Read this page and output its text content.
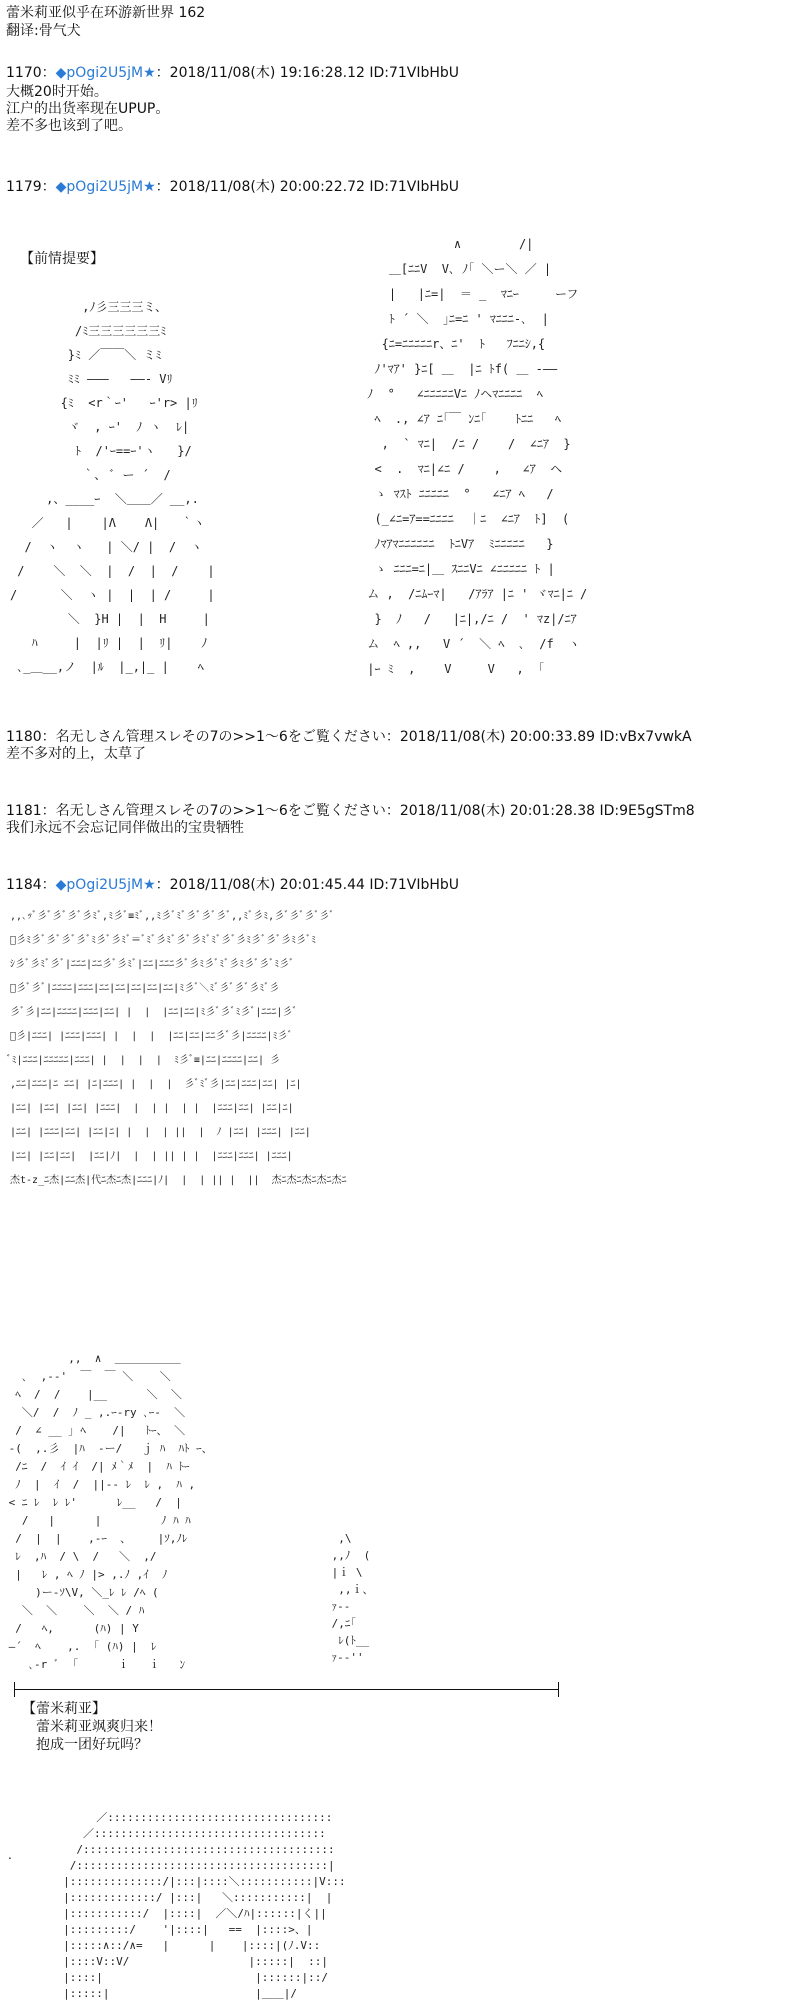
蕾米莉亚似乎在环游新世界 162
翻译:骨气犬
1170：◆pOgi2U5jM★：2018/11/08(木) 19:16:28.12 ID:71VIbHbU
大概20时开始。
江户的出货率现在UPUP。
差不多也该到了吧。
1179：◆pOgi2U5jM★：2018/11/08(木) 20:00:22.72 ID:71VIbHbU
【前情提要】
,ﾉ彡三三三ミ、
/ﾐ三三三三三三ﾐ
}ﾐ ／￣￣＼ ミﾐ
ﾐﾐ ―――   ――- Vﾘ
{ﾐ  <r｀ｰ'   ｰ'r> |ﾘ
ヾ  , ｰ'  ﾉ ヽ  ﾚ|
ﾄ  /'ｰ==ｰ'ヽ   }/
｀、 ﾞ ー ´  /
,、____ｰ  ＼＿＿／ __,.
／   |    |Λ    Λ|   ｀ヽ
/  ヽ  ヽ   | ＼/ |  /  ヽ
/    ＼  ＼  |  /  |  /    |
/      ＼  ヽ |  |  | /     |
＼  }H |  |  H     |
ﾊ     |  |ﾘ |  |  ﾘ|    ﾉ
､_＿__,ノ  |ﾙ  |_,|_ |    ﾍ
∧        /|
＿[ﾆﾆV  V､ ﾉ｢ ＼ー＼ ／ |
|   |ﾆ=|  ＝ _  ﾏﾆｰ     ーフ
ﾄ ´ ＼  ｣ﾆ=ﾆ ' ﾏﾆﾆﾆ-､  |
{ﾆ=ﾆﾆﾆﾆﾆr、ﾆ'  ﾄ   ﾌﾆﾆｼ,{
ﾉ'ﾏｱ' }ﾆ[ ＿  |ﾆ ﾄf( ＿ -――
ﾉ  °   ∠ﾆﾆﾆﾆﾆVﾆ ﾉヘﾏﾆﾆﾆﾆ  ﾍ
ﾍ  ., ∠ｱ ﾆ｢￣ ﾝﾆ｢    ﾄﾆﾆ   ﾍ
,  ` ﾏﾆ|  /ﾆ /    /  ∠ﾆｱ  }
<  .  ﾏﾆ|∠ﾆ /    ,   ∠ｱ  ヘ
ゝ ﾏｽﾄ ﾆﾆﾆﾆﾆ  °   ∠ﾆｱ ﾍ   /
(_∠ﾆ=ｱ==ﾆﾆﾆﾆ  ｜ﾆ  ∠ﾆｱ  ﾄ]  (
ﾉﾏｱﾏﾆﾆﾆﾆﾆﾆ  ﾄﾆVｱ  ﾐﾆﾆﾆﾆﾆ   }
ゝ ﾆﾆﾆ=ﾆ|＿ ｽﾆﾆVﾆ ∠ﾆﾆﾆﾆﾆ ﾄ |
ム ,  /ﾆﾑｰﾏ|   /ｱﾗｱ |ﾆ ' ヾﾏﾆ|ﾆ /
}  ﾉ   /   |ﾆ|,/ﾆ /  ' ﾏz|/ﾆｱ
ム  ﾍ ,,   V ´  ＼ ﾍ  ､  /f  ヽ
|ｰ ﾐ  ,    V     V   ,  ｢
1180：名无しさん管理スレその7の>>1～6をご覧ください：2018/11/08(木) 20:00:33.89 ID:vBx7vwkA
差不多对的上，太草了
1181：名无しさん管理スレその7の>>1～6をご覧ください：2018/11/08(木) 20:01:28.38 ID:9E5gSTm8
我们永远不会忘记同伴做出的宝贵牺牲
1184：◆pOgi2U5jM★：2018/11/08(木) 20:01:45.44 ID:71VIbHbU
,,､ｯﾞ彡ﾞ彡ﾞ彡ﾞ彡ﾐﾞ,ﾐ彡ﾞ≡ﾐﾞ,,ﾐ彡ﾞﾐﾞ彡ﾞ彡ﾞ彡ﾞ,,ﾐﾞ彡ﾐ,彡ﾞ彡ﾞ彡ﾞ彡ﾞ
ﾞ彡ﾐ彡ﾞ彡ﾞ彡ﾞ彡ﾞﾐ彡ﾞ彡ﾐﾞ≡ﾞﾐﾞ彡ﾐﾞ彡ﾞ彡ﾐﾞﾐﾞ彡ﾞ彡ﾐ彡ﾞ彡ﾞ彡ﾐ彡ﾞﾐ
ｼ彡ﾞ彡ﾐﾞ彡ﾞ|ﾆﾆﾆ|ﾆﾆ彡ﾞ彡ﾐﾞ|ﾆﾆ|ﾆﾆﾆ彡ﾞ彡ﾐ彡ﾞﾐﾞ彡ﾐ彡ﾞ彡ﾞﾐ彡ﾞ
ﾞ彡ﾞ彡ﾞ|ﾆﾆﾆﾆ|ﾆﾆﾆ|ﾆﾆ|ﾆﾆ|ﾆﾆ|ﾆﾆ|ﾆﾆ|ﾐ彡ﾞ＼ﾐﾞ彡ﾞ彡ﾞ彡ﾐﾞ彡
彡ﾞ彡|ﾆﾆ|ﾆﾆﾆﾆ|ﾆﾆﾆ|ﾆﾆ| |  |  |ﾆﾆ|ﾆﾆ|ﾐ彡ﾞ彡ﾞﾐ彡ﾞ|ﾆﾆﾆ|彡ﾞ
ﾞ彡|ﾆﾆﾆ| |ﾆﾆﾆ|ﾆﾆﾆ| |  |  |  |ﾆﾆ|ﾆﾆ|ﾆﾆ彡ﾞ彡|ﾆﾆﾆﾆ|ﾐ彡ﾞ
ﾞﾐ|ﾆﾆﾆ|ﾆﾆﾆﾆﾆ|ﾆﾆﾆ| |  |  |  |  ﾐ彡ﾞ≡|ﾆﾆ|ﾆﾆﾆﾆ|ﾆﾆ| 彡
,ﾆﾆ|ﾆﾆﾆ|ﾆ ﾆﾆ| |ﾆ|ﾆﾆﾆ| |  |  |  彡ﾞﾐﾞ彡|ﾆﾆ|ﾆﾆﾆ|ﾆﾆ| |ﾆ|
|ﾆﾆ| |ﾆﾆ| |ﾆﾆ| |ﾆﾆﾆ|  |  | |  | |  |ﾆﾆﾆ|ﾆﾆ| |ﾆﾆ|ﾆ|
|ﾆﾆ| |ﾆﾆﾆ|ﾆﾆ| |ﾆﾆ|ﾆ| |  |  | ||  |  ﾉ |ﾆﾆ| |ﾆﾆﾆ| |ﾆﾆ|
|ﾆﾆ| |ﾆﾆ|ﾆﾆ|  |ﾆﾆ|ﾉ|  |  | || | |  |ﾆﾆﾆ|ﾆﾆﾆ| |ﾆﾆﾆ|
杰t-z_ﾆ杰|ﾆﾆ杰|代ﾆ杰ﾆ杰|ﾆﾆﾆ|ﾉ|  |  | || |  ||  杰ﾆ杰ﾆ杰ﾆ杰ﾆ杰ﾆ
,,  ∧  ＿＿＿＿＿＿
､  ,-‐'  ￣  ￣ ＼    ＼
ﾍ  /  /    |__      ＼  ＼
＼/  /  ﾉ _ ,.ｰ-ry ､ｰ-  ＼
/  ∠ __ ｣ ﾍ    /|   ﾄｰ、 ＼
‐(  ,.彡  |ﾊ  ‐ー/   ｊ ﾊ  ﾊﾄ ｰ、
/ﾆ  /  ｲ ｲ  /| ﾒ｀ﾒ  |  ﾊ ﾄｰ
ﾉ  |  ｲ  /  ||-‐ ﾚ  ﾚ ,  ﾊ ,
< ﾆ ﾚ  ﾚ ﾚ'      ﾚ__   /  |
/   |      |         ﾉ ﾊ ﾊ
/  |  |    ,-ｰ  、    |ｿ,ﾉﾚ
ﾚ  ,ﾊ  / \  /   ＼  ,/
|   ﾚ , ﾍ ﾉ |> ,.ﾉ ,ｲ  ﾉ
)ー‐ｿ\V, ＼_ﾚ ﾚ /ﾍ (
＼  ＼    ＼  ＼ / ﾊ
/   ﾍ,      (ﾊ) | Y
―´  ﾍ    ,.  ｢ (ﾊ) |  ﾚ
､-r ﾞ  ｢      ｉ   ｉ   ﾝ
,\
,,ﾉ  (
|ｉ \
,,ｉ、
ｧ--
/,ﾆ｢
ﾚ(ﾄ__
ｧ-‐''
【蕾米莉亚】
蕾米莉亚飒爽归来！
抱成一团好玩吗？
.
／::::::::::::::::::::::::::::::::::
／:::::::::::::::::::::::::::::::::::
/::::::::::::::::::::::::::::::::::::::
/::::::::::::::::::::::::::::::::::::::|
|::::::::::::::/|:::|::::＼:::::::::::|V:::
|:::::::::::::/ |:::|   ＼:::::::::::|  |
|:::::::::::/  |::::|  ／＼/ﾊ|::::::|く||
|:::::::::/    '|::::|   ==  |::::>、|
|:::::∧::/∧=   |      |    |::::|(ﾉ.V::
|::::V::V/                  |:::::|  ::|
|::::|                       |::::::|::/
|:::::|                      |＿＿|/
